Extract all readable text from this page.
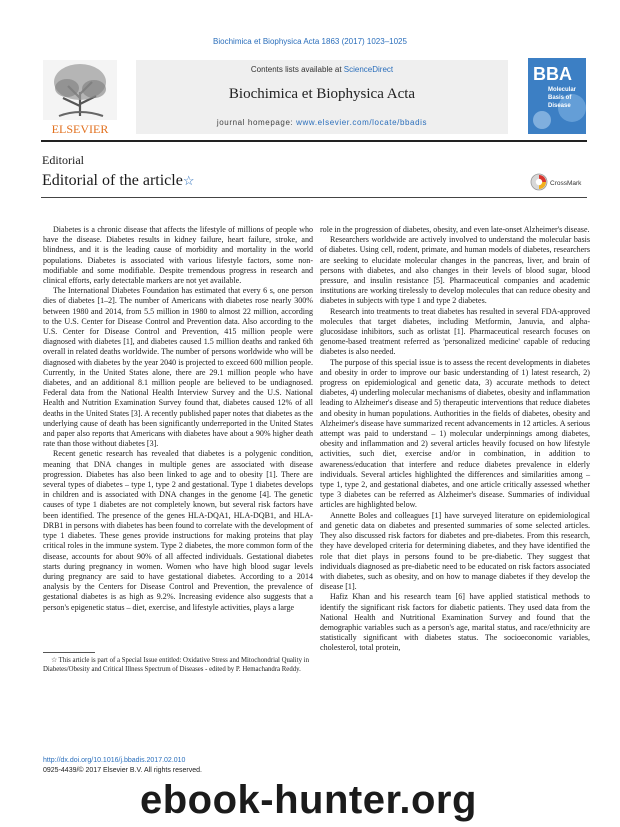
Biochimica et Biophysica Acta 1863 (2017) 1023–1025
ELSEVIER
Contents lists available at ScienceDirect
Biochimica et Biophysica Acta
journal homepage: www.elsevier.com/locate/bbadis
BBA
Molecular
Basis of
Disease
Editorial
Editorial of the article☆	CrossMark

Diabetes is a chronic disease that affects the lifestyle of millions of people who have the disease. Diabetes results in kidney failure, heart failure, stroke, and blindness, and it is the leading cause of morbidity and mortality in the world populations. Diabetes is associated with various lifestyle factors, some non-modifiable and some modifiable. Despite tremendous progress in research and clinical efforts, early detectable markers are not yet available.

The International Diabetes Foundation has estimated that every 6 s, one person dies of diabetes [1–2]. The number of Americans with diabetes rose nearly 300% between 1980 and 2014, from 5.5 million in 1980 to almost 22 million, according to the U.S. Center for Disease Control and Prevention data. Also according to the U.S. Center for Disease Control and Prevention, 415 million people were diagnosed with diabetes [1], and diabetes caused 1.5 million deaths and ranked 6th overall in related deaths worldwide. The number of persons worldwide who will be diagnosed with diabetes by the year 2040 is projected to exceed 600 million people. Currently, in the United States alone, there are 29.1 million people who have diabetes, and an additional 8.1 million people are believed to be undiagnosed. Federal data from the National Health Interview Survey and the U.S. National Health and Nutrition Examination Survey found that, diabetes caused 12% of all deaths in the United States [3]. A recently published paper notes that diabetes as the underlying cause of death has been significantly underreported in the United States and paper also reports that Americans with diabetes have about a 90% higher death rate than those without diabetes [3].

Recent genetic research has revealed that diabetes is a polygenic condition, meaning that DNA changes in multiple genes are associated with disease progression. Diabetes has also been linked to age and to obesity [1]. There are several types of diabetes – type 1, type 2 and gestational. Type 1 diabetes develops in children and is associated with DNA changes in the genome [4]. The genetic causes of type 1 diabetes are not completely known, but several risk factors have been identified. The presence of the genes HLA-DQA1, HLA-DQB1, and HLA-DRB1 in persons with diabetes has been found to correlate with the development of type 1 diabetes. These genes provide instructions for making proteins that play critical roles in the immune system. Type 2 diabetes, the more common form of the disease, accounts for about 90% of all affected individuals. Gestational diabetes starts during pregnancy in women. Women who have high blood sugar levels during pregnancy are said to have gestational diabetes. According to a 2014 analysis by the Centers for Disease Control and Prevention, the prevalence of gestational diabetes is as high as 9.2%. Increasing evidence also suggests that a person's epigenetic status – diet, exercise, and lifestyle activities, plays a large

role in the progression of diabetes, obesity, and even late-onset Alzheimer's disease.

Researchers worldwide are actively involved to understand the molecular basis of diabetes. Using cell, rodent, primate, and human models of diabetes, researchers are seeking to elucidate molecular changes in the pancreas, liver, and brain of persons with diabetes, and also changes in their levels of blood sugar, blood pressure, and insulin resistance [5]. Pharmaceutical companies and academic institutions are working tirelessly to develop molecules that can reduce obesity and diabetes in subjects with type 1 and type 2 diabetes.

Research into treatments to treat diabetes has resulted in several FDA-approved molecules that target diabetes, including Metformin, Januvia, and alpha-glucosidase inhibitors, such as orlistat [1]. Pharmaceutical research focuses on genome-based treatment referred as 'personalized medicine' capable of reducing diabetes is also needed.

The purpose of this special issue is to assess the recent developments in diabetes and obesity in order to improve our basic understanding of 1) latest research, 2) progress on epidemiological and genetic data, 3) accurate methods to detect diabetes, 4) underling molecular mechanisms of diabetes, obesity and inflammation leading to Alzheimer's disease and 5) therapeutic interventions that reduce diabetes and obesity in human populations. Authorities in the fields of diabetes, obesity and Alzheimer's disease have summarized recent advancements in 12 articles. A serious attempt was paid to understand – 1) molecular underpinnings among diabetes, obesity and inflammation and 2) several articles heavily focused on how lifestyle activities, such diet, exercise and/or in combination, in addition to awareness/education that interfere and reduce diabetes prevalence in elderly individuals. Several articles highlighted the differences and similarities among – type 1, type 2, and gestational diabetes, and one article critically assessed whether type 3 diabetes can be referred as Alzheimer's disease. Summaries of individual articles are highlighted below.

Annette Boles and colleagues [1] have surveyed literature on epidemiological and genetic data on diabetes and presented summaries of some selected articles. They also discussed risk factors for diabetes and pre-diabetes. From this research, they have developed criteria for determining diabetes, and they have identified the role that diet plays in persons found to be pre-diabetic. They suggest that individuals diagnosed as pre-diabetic need to be educated on risk factors associated with diabetes, such as obesity, and on how to manage diabetes if they develop the disease [1].

Hafiz Khan and his research team [6] have applied statistical methods to identify the significant risk factors for diabetic patients. They used data from the National Health and Nutritional Examination Survey and found that the demographic variables such as a person's age, marital status, and race/ethnicity are statistically significant with diabetes status. The socioeconomic variables, cholesterol, total protein,

☆ This article is part of a Special Issue entitled: Oxidative Stress and Mitochondrial Quality in Diabetes/Obesity and Critical Illness Spectrum of Diseases - edited by P. Hemachandra Reddy.
http://dx.doi.org/10.1016/j.bbadis.2017.02.010
0925-4439/© 2017 Elsevier B.V. All rights reserved.
ebook-hunter.org
